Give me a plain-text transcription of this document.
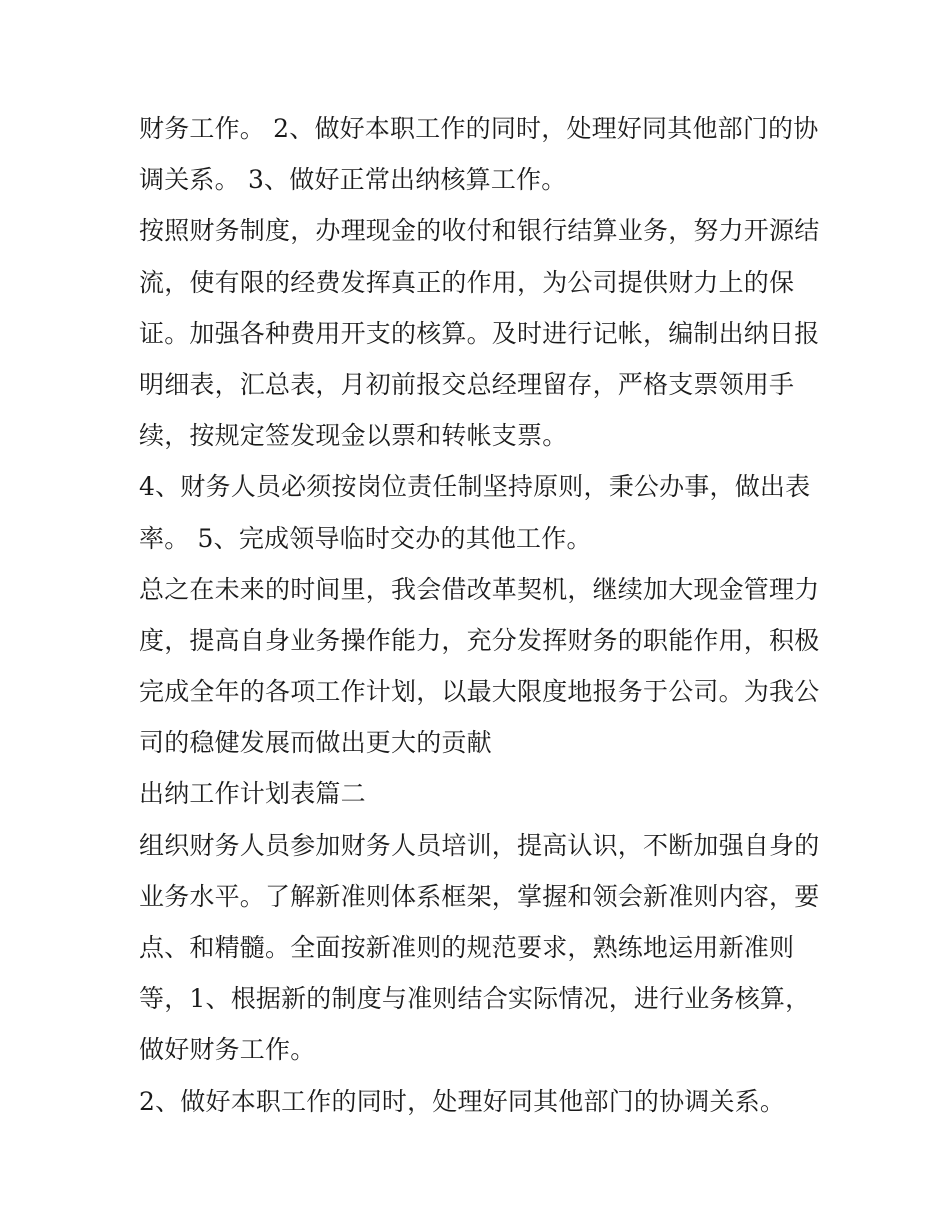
财务工作。 2、做好本职工作的同时，处理好同其他部门的协
调关系。 3、做好正常出纳核算工作。

按照财务制度，办理现金的收付和银行结算业务，努力开源结
流，使有限的经费发挥真正的作用，为公司提供财力上的保
证。加强各种费用开支的核算。及时进行记帐，编制出纳日报
明细表，汇总表，月初前报交总经理留存，严格支票领用手
续，按规定签发现金以票和转帐支票。

4、财务人员必须按岗位责任制坚持原则，秉公办事，做出表
率。 5、完成领导临时交办的其他工作。

总之在未来的时间里，我会借改革契机，继续加大现金管理力
度，提高自身业务操作能力，充分发挥财务的职能作用，积极
完成全年的各项工作计划，以最大限度地报务于公司。为我公
司的稳健发展而做出更大的贡献

出纳工作计划表篇二

组织财务人员参加财务人员培训，提高认识，不断加强自身的
业务水平。了解新准则体系框架，掌握和领会新准则内容，要
点、和精髓。全面按新准则的规范要求，熟练地运用新准则
等，1、根据新的制度与准则结合实际情况，进行业务核算，
做好财务工作。

2、做好本职工作的同时，处理好同其他部门的协调关系。
